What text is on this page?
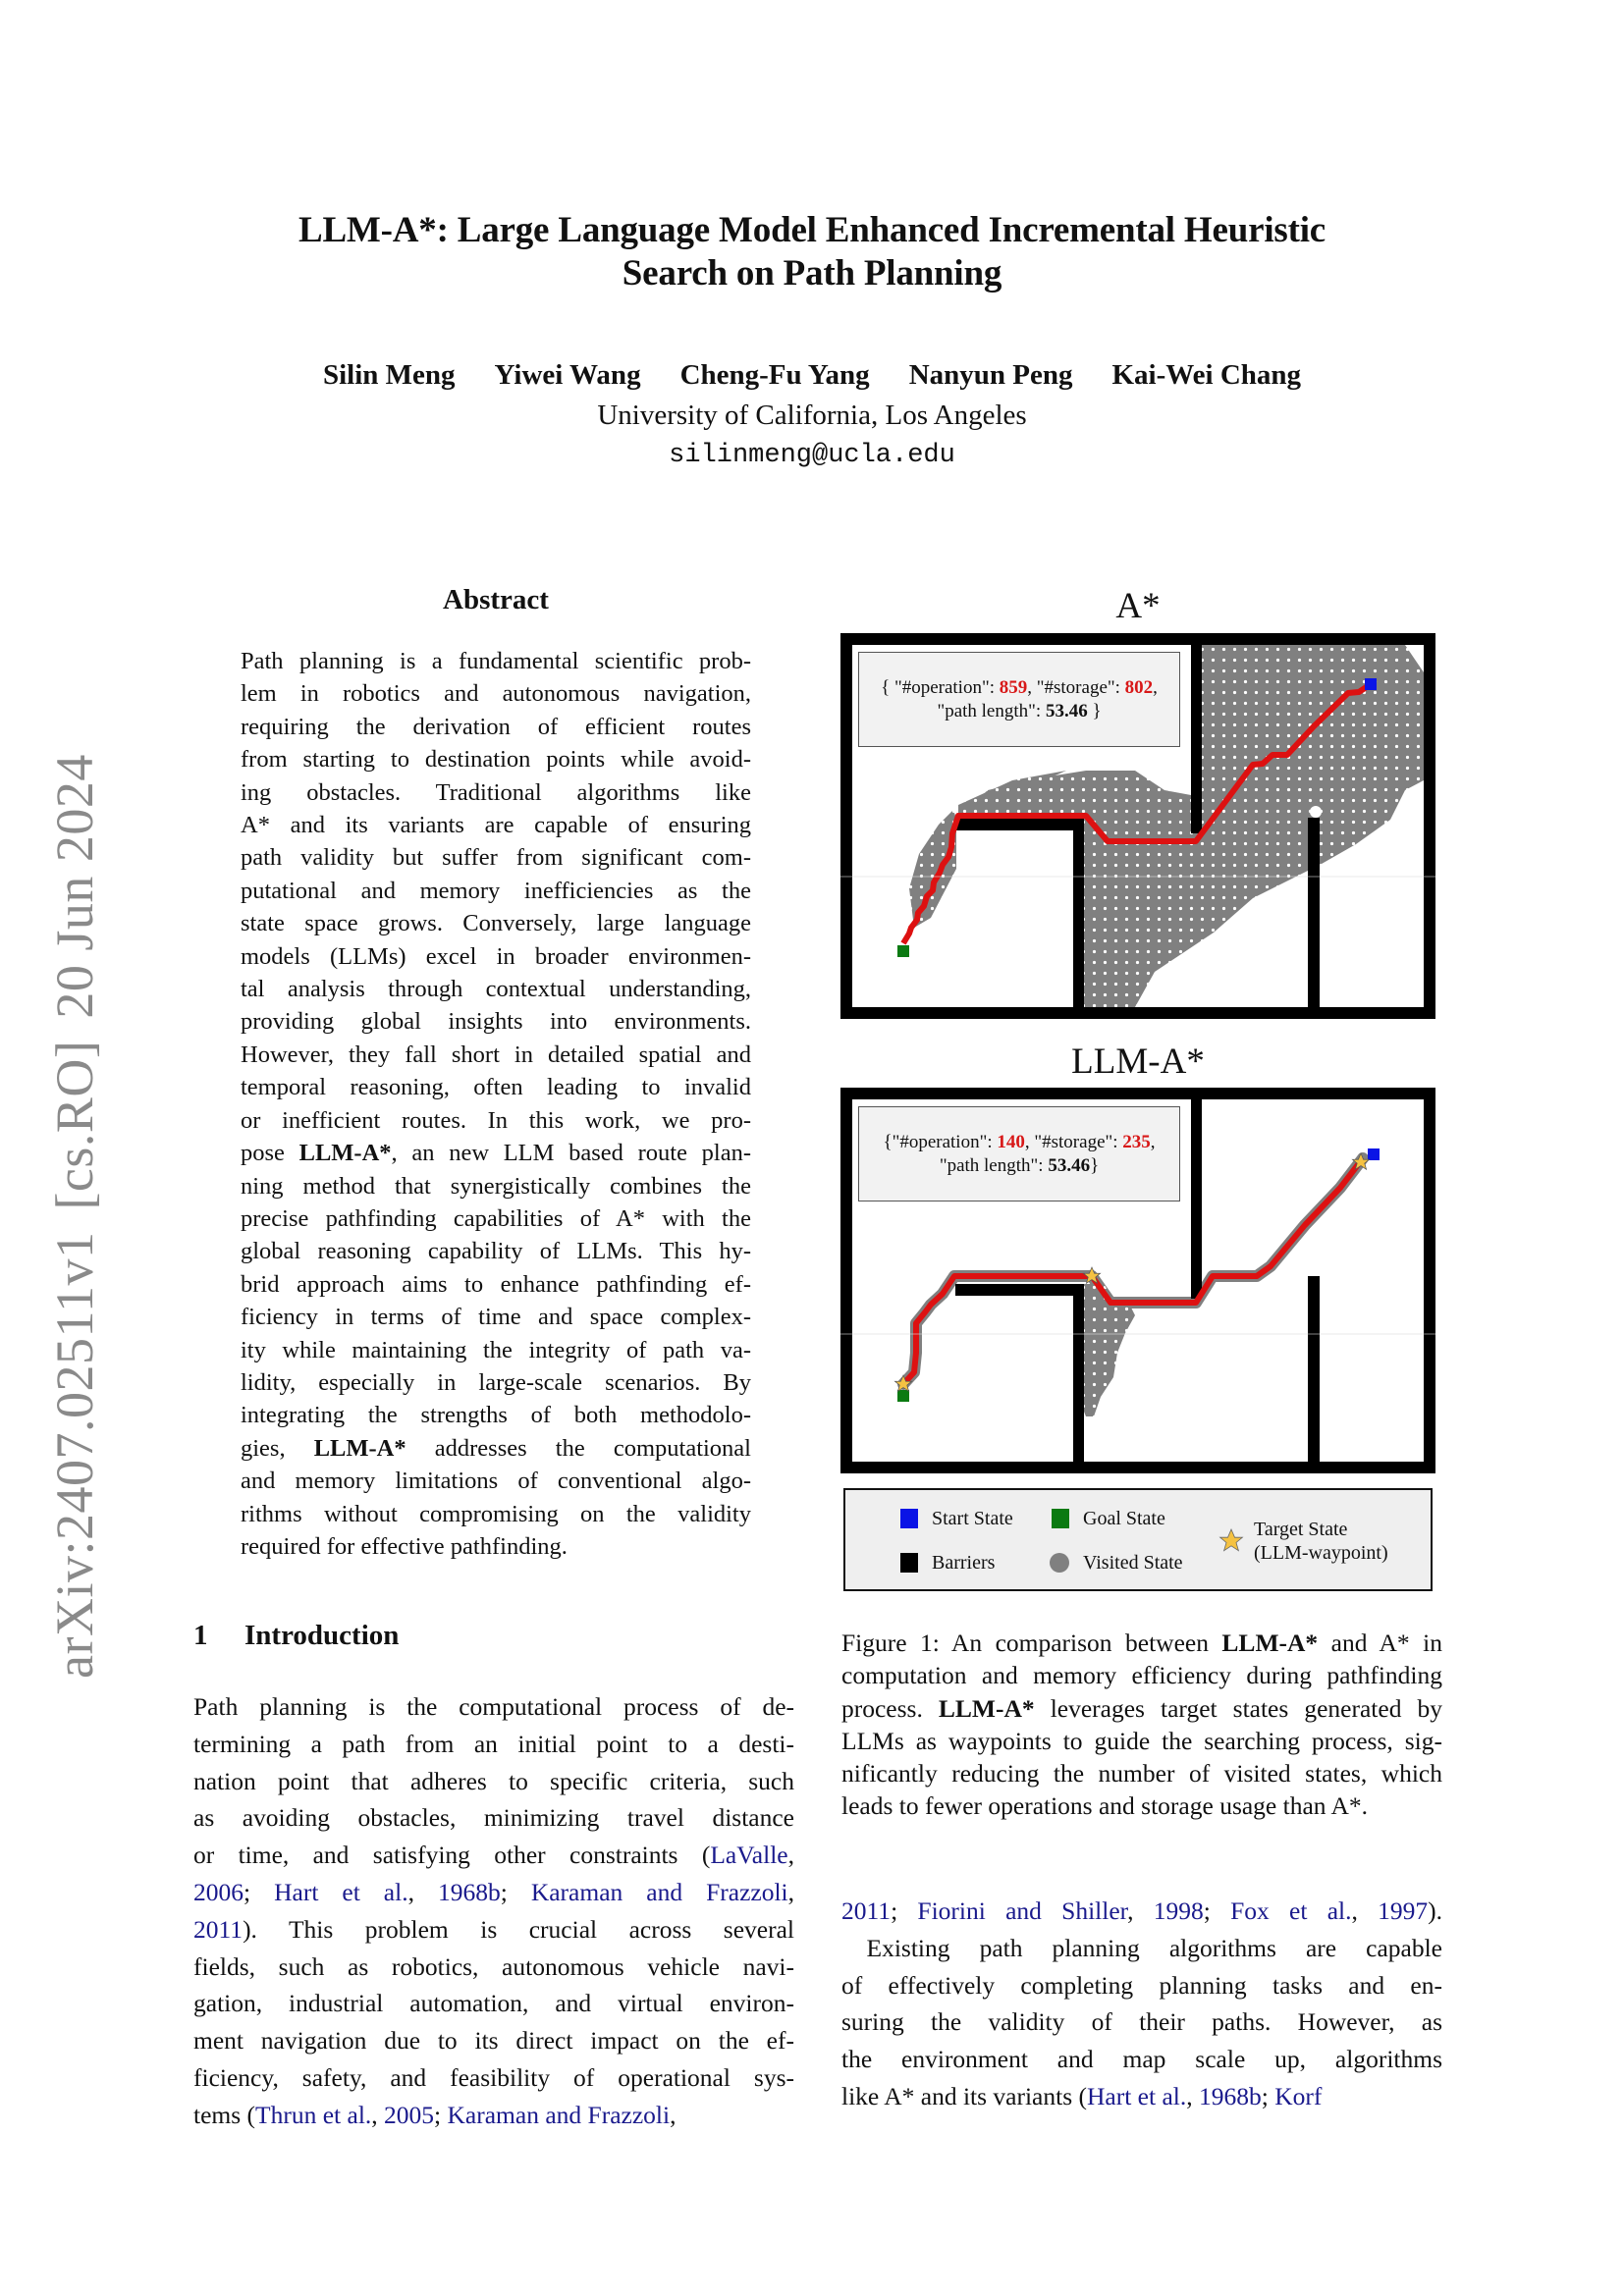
LLM-A*: Large Language Model Enhanced Incremental Heuristic
Search on Path Planning
Silin Meng Yiwei Wang Cheng-Fu Yang Nanyun Peng Kai-Wei Chang
University of California, Los Angeles
silinmeng@ucla.edu
arXiv:2407.02511v1[cs.RO]20 Jun 2024
Abstract
Path planning is a fundamental scientific prob-
lem in robotics and autonomous navigation,
requiring the derivation of efficient routes
from starting to destination points while avoid-
ing obstacles. Traditional algorithms like
A* and its variants are capable of ensuring
path validity but suffer from significant com-
putational and memory inefficiencies as the
state space grows. Conversely, large language
models (LLMs) excel in broader environmen-
tal analysis through contextual understanding,
providing global insights into environments.
However, they fall short in detailed spatial and
temporal reasoning, often leading to invalid
or inefficient routes. In this work, we pro-
pose LLM-A*, an new LLM based route plan-
ning method that synergistically combines the
precise pathfinding capabilities of A* with the
global reasoning capability of LLMs. This hy-
brid approach aims to enhance pathfinding ef-
ficiency in terms of time and space complex-
ity while maintaining the integrity of path va-
lidity, especially in large-scale scenarios. By
integrating the strengths of both methodolo-
gies, LLM-A* addresses the computational
and memory limitations of conventional algo-
rithms without compromising on the validity
required for effective pathfinding.
1 Introduction
Path planning is the computational process of de-
termining a path from an initial point to a desti-
nation point that adheres to specific criteria, such
as avoiding obstacles, minimizing travel distance
or time, and satisfying other constraints (LaValle,
2006; Hart et al., 1968b; Karaman and Frazzoli,
2011). This problem is crucial across several
fields, such as robotics, autonomous vehicle navi-
gation, industrial automation, and virtual environ-
ment navigation due to its direct impact on the ef-
ficiency, safety, and feasibility of operational sys-
tems (Thrun et al., 2005; Karaman and Frazzoli,
2011; Fiorini and Shiller, 1998; Fox et al., 1997).
 Existing path planning algorithms are capable
of effectively completing planning tasks and en-
suring the validity of their paths. However, as
the environment and map scale up, algorithms
like A* and its variants (Hart et al., 1968b; Korf
A*
{ "#operation": 859, "#storage": 802,
"path length": 53.46 }
LLM-A*
{"#operation": 140, "#storage": 235,
"path length": 53.46}
Start State	Goal State
Barriers	Visited State
Target State
(LLM-waypoint)
Figure 1: An comparison between LLM-A* and A* in
computation and memory efficiency during pathfinding
process. LLM-A* leverages target states generated by
LLMs as waypoints to guide the searching process, sig-
nificantly reducing the number of visited states, which
leads to fewer operations and storage usage than A*.
